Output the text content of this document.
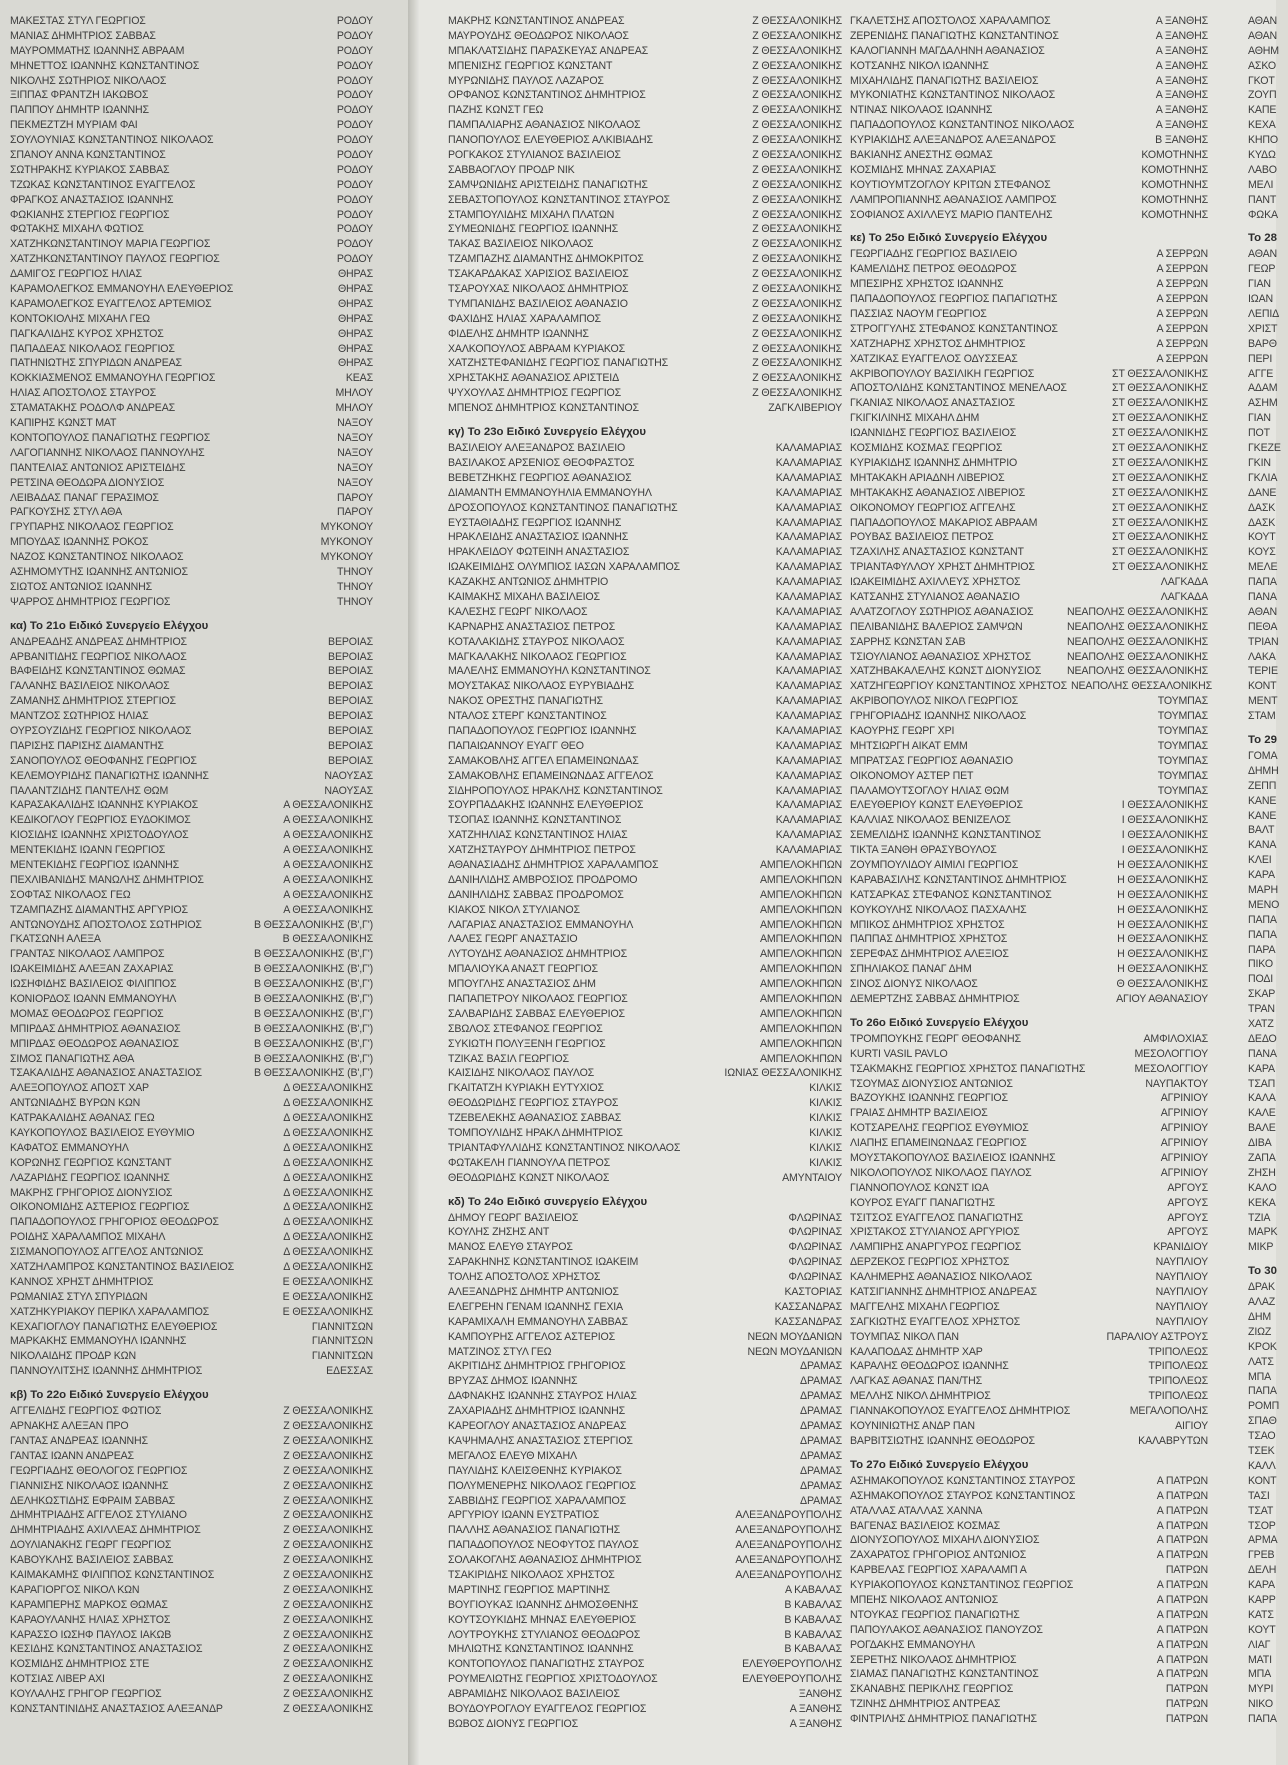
ΜΑΚΕΣΤΑΣ ΣΤΥΛ ΓΕΩΡΓΙΟΣ	ΡΟΔΟΥ
ΜΑΝΙΑΣ ΔΗΜΗΤΡΙΟΣ ΣΑΒΒΑΣ	ΡΟΔΟΥ
ΜΑΥΡΟΜΜΑΤΗΣ ΙΩΑΝΝΗΣ ΑΒΡΑΑΜ	ΡΟΔΟΥ
ΜΗΝΕΤΤΟΣ ΙΩΑΝΝΗΣ ΚΩΝΣΤΑΝΤΙΝΟΣ	ΡΟΔΟΥ
ΝΙΚΟΛΗΣ ΣΩΤΗΡΙΟΣ ΝΙΚΟΛΑΟΣ	ΡΟΔΟΥ
ΞΙΠΠΑΣ ΦΡΑΝΤΖΗ ΙΑΚΩΒΟΣ	ΡΟΔΟΥ
ΠΑΠΠΟΥ ΔΗΜΗΤΡ ΙΩΑΝΝΗΣ	ΡΟΔΟΥ
ΠΕΚΜΕΖΤΖΗ ΜΥΡΙΑΜ ΦΑΙ	ΡΟΔΟΥ
ΣΟΥΛΟΥΝΙΑΣ ΚΩΝΣΤΑΝΤΙΝΟΣ ΝΙΚΟΛΑΟΣ	ΡΟΔΟΥ
ΣΠΑΝΟΥ ΑΝΝΑ ΚΩΝΣΤΑΝΤΙΝΟΣ	ΡΟΔΟΥ
ΣΩΤΗΡΑΚΗΣ ΚΥΡΙΑΚΟΣ ΣΑΒΒΑΣ	ΡΟΔΟΥ
ΤΖΩΚΑΣ ΚΩΝΣΤΑΝΤΙΝΟΣ ΕΥΑΓΓΕΛΟΣ	ΡΟΔΟΥ
ΦΡΑΓΚΟΣ ΑΝΑΣΤΑΣΙΟΣ ΙΩΑΝΝΗΣ	ΡΟΔΟΥ
ΦΩΚΙΑΝΗΣ ΣΤΕΡΓΙΟΣ ΓΕΩΡΓΙΟΣ	ΡΟΔΟΥ
ΦΩΤΑΚΗΣ ΜΙΧΑΗΛ ΦΩΤΙΟΣ	ΡΟΔΟΥ
ΧΑΤΖΗΚΩΝΣΤΑΝΤΙΝΟΥ ΜΑΡΙΑ ΓΕΩΡΓΙΟΣ	ΡΟΔΟΥ
ΧΑΤΖΗΚΩΝΣΤΑΝΤΙΝΟΥ ΠΑΥΛΟΣ ΓΕΩΡΓΙΟΣ	ΡΟΔΟΥ
ΔΑΜΙΓΟΣ ΓΕΩΡΓΙΟΣ ΗΛΙΑΣ	ΘΗΡΑΣ
ΚΑΡΑΜΟΛΕΓΚΟΣ ΕΜΜΑΝΟΥΗΛ ΕΛΕΥΘΕΡΙΟΣ	ΘΗΡΑΣ
ΚΑΡΑΜΟΛΕΓΚΟΣ ΕΥΑΓΓΕΛΟΣ ΑΡΤΕΜΙΟΣ	ΘΗΡΑΣ
ΚΟΝΤΟΚΙΟΛΗΣ ΜΙΧΑΗΛ ΓΕΩ	ΘΗΡΑΣ
ΠΑΓΚΑΛΙΔΗΣ ΚΥΡΟΣ ΧΡΗΣΤΟΣ	ΘΗΡΑΣ
ΠΑΠΑΔΕΑΣ ΝΙΚΟΛΑΟΣ ΓΕΩΡΓΙΟΣ	ΘΗΡΑΣ
ΠΑΤΗΝΙΩΤΗΣ ΣΠΥΡΙΔΩΝ ΑΝΔΡΕΑΣ	ΘΗΡΑΣ
ΚΟΚΚΙΑΣΜΕΝΟΣ ΕΜΜΑΝΟΥΗΛ ΓΕΩΡΓΙΟΣ	ΚΕΑΣ
ΗΛΙΑΣ ΑΠΟΣΤΟΛΟΣ ΣΤΑΥΡΟΣ	ΜΗΛΟΥ
ΣΤΑΜΑΤΑΚΗΣ ΡΟΔΟΛΦ ΑΝΔΡΕΑΣ	ΜΗΛΟΥ
ΚΑΠΙΡΗΣ ΚΩΝΣΤ ΜΑΤ	ΝΑΞΟΥ
ΚΟΝΤΟΠΟΥΛΟΣ ΠΑΝΑΓΙΩΤΗΣ ΓΕΩΡΓΙΟΣ	ΝΑΞΟΥ
ΛΑΓΟΓΙΑΝΝΗΣ ΝΙΚΟΛΑΟΣ ΠΑΝΝΟΥΛΗΣ	ΝΑΞΟΥ
ΠΑΝΤΕΛΙΑΣ ΑΝΤΩΝΙΟΣ ΑΡΙΣΤΕΙΔΗΣ	ΝΑΞΟΥ
ΡΕΤΣΙΝΑ ΘΕΟΔΩΡΑ ΔΙΟΝΥΣΙΟΣ	ΝΑΞΟΥ
ΛΕΙΒΑΔΑΣ ΠΑΝΑΓ ΓΕΡΑΣΙΜΟΣ	ΠΑΡΟΥ
ΡΑΓΚΟΥΣΗΣ ΣΤΥΛ ΑΘΑ	ΠΑΡΟΥ
ΓΡΥΠΑΡΗΣ ΝΙΚΟΛΑΟΣ ΓΕΩΡΓΙΟΣ	ΜΥΚΟΝΟΥ
ΜΠΟΥΔΑΣ ΙΩΑΝΝΗΣ ΡΟΚΟΣ	ΜΥΚΟΝΟΥ
ΝΑΖΟΣ ΚΩΝΣΤΑΝΤΙΝΟΣ ΝΙΚΟΛΑΟΣ	ΜΥΚΟΝΟΥ
ΑΣΗΜΟΜΥΤΗΣ ΙΩΑΝΝΗΣ ΑΝΤΩΝΙΟΣ	ΤΗΝΟΥ
ΣΙΩΤΟΣ ΑΝΤΩΝΙΟΣ ΙΩΑΝΝΗΣ	ΤΗΝΟΥ
ΨΑΡΡΟΣ ΔΗΜΗΤΡΙΟΣ ΓΕΩΡΓΙΟΣ	ΤΗΝΟΥ
κα) Το 21ο Ειδικό Συνεργείο Ελέγχου
ΑΝΔΡΕΑΔΗΣ ΑΝΔΡΕΑΣ ΔΗΜΗΤΡΙΟΣ	ΒΕΡΟΙΑΣ
ΑΡΒΑΝΙΤΙΔΗΣ ΓΕΩΡΓΙΟΣ ΝΙΚΟΛΑΟΣ	ΒΕΡΟΙΑΣ
ΒΑΦΕΙΔΗΣ ΚΩΝΣΤΑΝΤΙΝΟΣ ΘΩΜΑΣ	ΒΕΡΟΙΑΣ
ΓΑΛΑΝΗΣ ΒΑΣΙΛΕΙΟΣ ΝΙΚΟΛΑΟΣ	ΒΕΡΟΙΑΣ
ΖΑΜΑΝΗΣ ΔΗΜΗΤΡΙΟΣ ΣΤΕΡΓΙΟΣ	ΒΕΡΟΙΑΣ
ΜΑΝΤΖΟΣ ΣΩΤΗΡΙΟΣ ΗΛΙΑΣ	ΒΕΡΟΙΑΣ
ΟΥΡΣΟΥΖΙΔΗΣ ΓΕΩΡΓΙΟΣ ΝΙΚΟΛΑΟΣ	ΒΕΡΟΙΑΣ
ΠΑΡΙΣΗΣ ΠΑΡΙΣΗΣ ΔΙΑΜΑΝΤΗΣ	ΒΕΡΟΙΑΣ
ΣΑΝΟΠΟΥΛΟΣ ΘΕΟΦΑΝΗΣ ΓΕΩΡΓΙΟΣ	ΒΕΡΟΙΑΣ
ΚΕΛΕΜΟΥΡΙΔΗΣ ΠΑΝΑΓΙΩΤΗΣ ΙΩΑΝΝΗΣ	ΝΑΟΥΣΑΣ
ΠΑΛΑΝΤΖΙΔΗΣ ΠΑΝΤΕΛΗΣ ΘΩΜ	ΝΑΟΥΣΑΣ
ΚΑΡΑΣΑΚΑΛΙΔΗΣ ΙΩΑΝΝΗΣ ΚΥΡΙΑΚΟΣ	Α ΘΕΣΣΑΛΟΝΙΚΗΣ
ΚΕΔΙΚΟΓΛΟΥ ΓΕΩΡΓΙΟΣ ΕΥΔΟΚΙΜΟΣ	Α ΘΕΣΣΑΛΟΝΙΚΗΣ
ΚΙΟΣΙΔΗΣ ΙΩΑΝΝΗΣ ΧΡΙΣΤΟΔΟΥΛΟΣ	Α ΘΕΣΣΑΛΟΝΙΚΗΣ
ΜΕΝΤΕΚΙΔΗΣ ΙΩΑΝΝ ΓΕΩΡΓΙΟΣ	Α ΘΕΣΣΑΛΟΝΙΚΗΣ
ΜΕΝΤΕΚΙΔΗΣ ΓΕΩΡΓΙΟΣ ΙΩΑΝΝΗΣ	Α ΘΕΣΣΑΛΟΝΙΚΗΣ
ΠΕΧΛΙΒΑΝΙΔΗΣ ΜΑΝΩΛΗΣ ΔΗΜΗΤΡΙΟΣ	Α ΘΕΣΣΑΛΟΝΙΚΗΣ
ΣΟΦΤΑΣ ΝΙΚΟΛΑΟΣ ΓΕΩ	Α ΘΕΣΣΑΛΟΝΙΚΗΣ
ΤΖΑΜΠΑΖΗΣ ΔΙΑΜΑΝΤΗΣ ΑΡΓΥΡΙΟΣ	Α ΘΕΣΣΑΛΟΝΙΚΗΣ
ΑΝΤΩΝΟΥΔΗΣ ΑΠΟΣΤΟΛΟΣ ΣΩΤΗΡΙΟΣ	Β ΘΕΣΣΑΛΟΝΙΚΗΣ (Β',Γ')
ΓΚΑΤΣΩΝΗ ΑΛΕΞΑ	Β ΘΕΣΣΑΛΟΝΙΚΗΣ
ΓΡΑΝΤΑΣ ΝΙΚΟΛΑΟΣ ΛΑΜΠΡΟΣ	Β ΘΕΣΣΑΛΟΝΙΚΗΣ (Β',Γ')
ΙΩΑΚΕΙΜΙΔΗΣ ΑΛΕΞΑΝ ΖΑΧΑΡΙΑΣ	Β ΘΕΣΣΑΛΟΝΙΚΗΣ (Β',Γ')
ΙΩΣΗΦΙΔΗΣ ΒΑΣΙΛΕΙΟΣ ΦΙΛΙΠΠΟΣ	Β ΘΕΣΣΑΛΟΝΙΚΗΣ (Β',Γ')
ΚΟΝΙΟΡΔΟΣ ΙΩΑΝΝ ΕΜΜΑΝΟΥΗΛ	Β ΘΕΣΣΑΛΟΝΙΚΗΣ (Β',Γ')
ΜΟΜΑΣ ΘΕΟΔΩΡΟΣ ΓΕΩΡΓΙΟΣ	Β ΘΕΣΣΑΛΟΝΙΚΗΣ (Β',Γ')
ΜΠΙΡΔΑΣ ΔΗΜΗΤΡΙΟΣ ΑΘΑΝΑΣΙΟΣ	Β ΘΕΣΣΑΛΟΝΙΚΗΣ (Β',Γ')
ΜΠΙΡΔΑΣ ΘΕΟΔΩΡΟΣ ΑΘΑΝΑΣΙΟΣ	Β ΘΕΣΣΑΛΟΝΙΚΗΣ (Β',Γ')
ΣΙΜΟΣ ΠΑΝΑΓΙΩΤΗΣ ΑΘΑ	Β ΘΕΣΣΑΛΟΝΙΚΗΣ (Β',Γ')
ΤΣΑΚΑΛΙΔΗΣ ΑΘΑΝΑΣΙΟΣ ΑΝΑΣΤΑΣΙΟΣ	Β ΘΕΣΣΑΛΟΝΙΚΗΣ (Β',Γ')
ΑΛΕΞΟΠΟΥΛΟΣ ΑΠΟΣΤ ΧΑΡ	Δ ΘΕΣΣΑΛΟΝΙΚΗΣ
ΑΝΤΩΝΙΑΔΗΣ ΒΥΡΩΝ ΚΩΝ	Δ ΘΕΣΣΑΛΟΝΙΚΗΣ
ΚΑΤΡΑΚΑΛΙΔΗΣ ΑΘΑΝΑΣ ΓΕΩ	Δ ΘΕΣΣΑΛΟΝΙΚΗΣ
ΚΑΥΚΟΠΟΥΛΟΣ ΒΑΣΙΛΕΙΟΣ ΕΥΘΥΜΙΟ	Δ ΘΕΣΣΑΛΟΝΙΚΗΣ
ΚΑΦΑΤΟΣ ΕΜΜΑΝΟΥΗΛ	Δ ΘΕΣΣΑΛΟΝΙΚΗΣ
ΚΟΡΩΝΗΣ ΓΕΩΡΓΙΟΣ ΚΩΝΣΤΑΝΤ	Δ ΘΕΣΣΑΛΟΝΙΚΗΣ
ΛΑΖΑΡΙΔΗΣ ΓΕΩΡΓΙΟΣ ΙΩΑΝΝΗΣ	Δ ΘΕΣΣΑΛΟΝΙΚΗΣ
ΜΑΚΡΗΣ ΓΡΗΓΟΡΙΟΣ ΔΙΟΝΥΣΙΟΣ	Δ ΘΕΣΣΑΛΟΝΙΚΗΣ
ΟΙΚΟΝΟΜΙΔΗΣ ΑΣΤΕΡΙΟΣ ΓΕΩΡΓΙΟΣ	Δ ΘΕΣΣΑΛΟΝΙΚΗΣ
ΠΑΠΑΔΟΠΟΥΛΟΣ ΓΡΗΓΟΡΙΟΣ ΘΕΟΔΩΡΟΣ	Δ ΘΕΣΣΑΛΟΝΙΚΗΣ
ΡΟΙΔΗΣ ΧΑΡΑΛΑΜΠΟΣ ΜΙΧΑΗΛ	Δ ΘΕΣΣΑΛΟΝΙΚΗΣ
ΣΙΣΜΑΝΟΠΟΥΛΟΣ ΑΓΓΕΛΟΣ ΑΝΤΩΝΙΟΣ	Δ ΘΕΣΣΑΛΟΝΙΚΗΣ
ΧΑΤΖΗΛΑΜΠΡΟΣ ΚΩΝΣΤΑΝΤΙΝΟΣ ΒΑΣΙΛΕΙΟΣ	Δ ΘΕΣΣΑΛΟΝΙΚΗΣ
ΚΑΝΝΟΣ ΧΡΗΣΤ ΔΗΜΗΤΡΙΟΣ	Ε ΘΕΣΣΑΛΟΝΙΚΗΣ
ΡΩΜΑΝΙΑΣ ΣΤΥΛ ΣΠΥΡΙΔΩΝ	Ε ΘΕΣΣΑΛΟΝΙΚΗΣ
ΧΑΤΖΗΚΥΡΙΑΚΟΥ ΠΕΡΙΚΛ ΧΑΡΑΛΑΜΠΟΣ	Ε ΘΕΣΣΑΛΟΝΙΚΗΣ
ΚΕΧΑΓΙΟΓΛΟΥ ΠΑΝΑΓΙΩΤΗΣ ΕΛΕΥΘΕΡΙΟΣ	ΓΙΑΝΝΙΤΣΩΝ
ΜΑΡΚΑΚΗΣ ΕΜΜΑΝΟΥΗΛ ΙΩΑΝΝΗΣ	ΓΙΑΝΝΙΤΣΩΝ
ΝΙΚΟΛΑΙΔΗΣ ΠΡΟΔΡ ΚΩΝ	ΓΙΑΝΝΙΤΣΩΝ
ΠΑΝΝΟΥΛΙΤΣΗΣ ΙΩΑΝΝΗΣ ΔΗΜΗΤΡΙΟΣ	ΕΔΕΣΣΑΣ
κβ) Το 22ο Ειδικό Συνεργείο Ελέγχου
ΑΓΓΕΛΙΔΗΣ ΓΕΩΡΓΙΟΣ ΦΩΤΙΟΣ	Ζ ΘΕΣΣΑΛΟΝΙΚΗΣ
ΑΡΝΑΚΗΣ ΑΛΕΞΑΝ ΠΡΟ	Ζ ΘΕΣΣΑΛΟΝΙΚΗΣ
ΓΑΝΤΑΣ ΑΝΔΡΕΑΣ ΙΩΑΝΝΗΣ	Ζ ΘΕΣΣΑΛΟΝΙΚΗΣ
ΓΑΝΤΑΣ ΙΩΑΝΝ ΑΝΔΡΕΑΣ	Ζ ΘΕΣΣΑΛΟΝΙΚΗΣ
ΓΕΩΡΓΙΑΔΗΣ ΘΕΟΛΟΓΟΣ ΓΕΩΡΓΙΟΣ	Ζ ΘΕΣΣΑΛΟΝΙΚΗΣ
ΓΙΑΝΝΙΣΗΣ ΝΙΚΟΛΑΟΣ ΙΩΑΝΝΗΣ	Ζ ΘΕΣΣΑΛΟΝΙΚΗΣ
ΔΕΛΗΚΩΣΤΙΔΗΣ ΕΦΡΑΙΜ ΣΑΒΒΑΣ	Ζ ΘΕΣΣΑΛΟΝΙΚΗΣ
ΔΗΜΗΤΡΙΑΔΗΣ ΑΓΓΕΛΟΣ ΣΤΥΛΙΑΝΟ	Ζ ΘΕΣΣΑΛΟΝΙΚΗΣ
ΔΗΜΗΤΡΙΑΔΗΣ ΑΧΙΛΛΕΑΣ ΔΗΜΗΤΡΙΟΣ	Ζ ΘΕΣΣΑΛΟΝΙΚΗΣ
ΔΟΥΛΙΑΝΑΚΗΣ ΓΕΩΡΓ ΓΕΩΡΓΙΟΣ	Ζ ΘΕΣΣΑΛΟΝΙΚΗΣ
ΚΑΒΟΥΚΛΗΣ ΒΑΣΙΛΕΙΟΣ ΣΑΒΒΑΣ	Ζ ΘΕΣΣΑΛΟΝΙΚΗΣ
ΚΑΙΜΑΚΑΜΗΣ ΦΙΛΙΠΠΟΣ ΚΩΝΣΤΑΝΤΙΝΟΣ	Ζ ΘΕΣΣΑΛΟΝΙΚΗΣ
ΚΑΡΑΓΙΟΡΓΟΣ ΝΙΚΟΛ ΚΩΝ	Ζ ΘΕΣΣΑΛΟΝΙΚΗΣ
ΚΑΡΑΜΠΕΡΗΣ ΜΑΡΚΟΣ ΘΩΜΑΣ	Ζ ΘΕΣΣΑΛΟΝΙΚΗΣ
ΚΑΡΑΟΥΛΑΝΗΣ ΗΛΙΑΣ ΧΡΗΣΤΟΣ	Ζ ΘΕΣΣΑΛΟΝΙΚΗΣ
ΚΑΡΑΣΣΟ ΙΩΣΗΦ ΠΑΥΛΟΣ ΙΑΚΩΒ	Ζ ΘΕΣΣΑΛΟΝΙΚΗΣ
ΚΕΣΙΔΗΣ ΚΩΝΣΤΑΝΤΙΝΟΣ ΑΝΑΣΤΑΣΙΟΣ	Ζ ΘΕΣΣΑΛΟΝΙΚΗΣ
ΚΟΣΜΙΔΗΣ ΔΗΜΗΤΡΙΟΣ ΣΤΕ	Ζ ΘΕΣΣΑΛΟΝΙΚΗΣ
ΚΟΤΣΙΑΣ ΛΙΒΕΡ ΑΧΙ	Ζ ΘΕΣΣΑΛΟΝΙΚΗΣ
ΚΟΥΛΑΛΗΣ ΓΡΗΓΟΡ ΓΕΩΡΓΙΟΣ	Ζ ΘΕΣΣΑΛΟΝΙΚΗΣ
ΚΩΝΣΤΑΝΤΙΝΙΔΗΣ ΑΝΑΣΤΑΣΙΟΣ ΑΛΕΞΑΝΔΡ	Ζ ΘΕΣΣΑΛΟΝΙΚΗΣ
ΜΑΚΡΗΣ ΚΩΝΣΤΑΝΤΙΝΟΣ ΑΝΔΡΕΑΣ	Ζ ΘΕΣΣΑΛΟΝΙΚΗΣ
ΜΑΥΡΟΥΔΗΣ ΘΕΟΔΩΡΟΣ ΝΙΚΟΛΑΟΣ	Ζ ΘΕΣΣΑΛΟΝΙΚΗΣ
ΜΠΑΚΛΑΤΣΙΔΗΣ ΠΑΡΑΣΚΕΥΑΣ ΑΝΔΡΕΑΣ	Ζ ΘΕΣΣΑΛΟΝΙΚΗΣ
ΜΠΕΝΙΣΗΣ ΓΕΩΡΓΙΟΣ ΚΩΝΣΤΑΝΤ	Ζ ΘΕΣΣΑΛΟΝΙΚΗΣ
ΜΥΡΩΝΙΔΗΣ ΠΑΥΛΟΣ ΛΑΖΑΡΟΣ	Ζ ΘΕΣΣΑΛΟΝΙΚΗΣ
ΟΡΦΑΝΟΣ ΚΩΝΣΤΑΝΤΙΝΟΣ ΔΗΜΗΤΡΙΟΣ	Ζ ΘΕΣΣΑΛΟΝΙΚΗΣ
ΠΑΖΗΣ ΚΩΝΣΤ ΓΕΩ	Ζ ΘΕΣΣΑΛΟΝΙΚΗΣ
ΠΑΜΠΑΛΙΑΡΗΣ ΑΘΑΝΑΣΙΟΣ ΝΙΚΟΛΑΟΣ	Ζ ΘΕΣΣΑΛΟΝΙΚΗΣ
ΠΑΝΟΠΟΥΛΟΣ ΕΛΕΥΘΕΡΙΟΣ ΑΛΚΙΒΙΑΔΗΣ	Ζ ΘΕΣΣΑΛΟΝΙΚΗΣ
ΡΟΓΚΑΚΟΣ ΣΤΥΛΙΑΝΟΣ ΒΑΣΙΛΕΙΟΣ	Ζ ΘΕΣΣΑΛΟΝΙΚΗΣ
ΣΑΒΒΑΟΓΛΟΥ ΠΡΟΔΡ ΝΙΚ	Ζ ΘΕΣΣΑΛΟΝΙΚΗΣ
ΣΑΜΨΩΝΙΔΗΣ ΑΡΙΣΤΕΙΔΗΣ ΠΑΝΑΓΙΩΤΗΣ	Ζ ΘΕΣΣΑΛΟΝΙΚΗΣ
ΣΕΒΑΣΤΟΠΟΥΛΟΣ ΚΩΝΣΤΑΝΤΙΝΟΣ ΣΤΑΥΡΟΣ	Ζ ΘΕΣΣΑΛΟΝΙΚΗΣ
ΣΤΑΜΠΟΥΛΙΔΗΣ ΜΙΧΑΗΛ ΠΛΑΤΩΝ	Ζ ΘΕΣΣΑΛΟΝΙΚΗΣ
ΣΥΜΕΩΝΙΔΗΣ ΓΕΩΡΓΙΟΣ ΙΩΑΝΝΗΣ	Ζ ΘΕΣΣΑΛΟΝΙΚΗΣ
ΤΑΚΑΣ ΒΑΣΙΛΕΙΟΣ ΝΙΚΟΛΑΟΣ	Ζ ΘΕΣΣΑΛΟΝΙΚΗΣ
ΤΖΑΜΠΑΖΗΣ ΔΙΑΜΑΝΤΗΣ ΔΗΜΟΚΡΙΤΟΣ	Ζ ΘΕΣΣΑΛΟΝΙΚΗΣ
ΤΣΑΚΑΡΔΑΚΑΣ ΧΑΡΙΣΙΟΣ ΒΑΣΙΛΕΙΟΣ	Ζ ΘΕΣΣΑΛΟΝΙΚΗΣ
ΤΣΑΡΟΥΧΑΣ ΝΙΚΟΛΑΟΣ ΔΗΜΗΤΡΙΟΣ	Ζ ΘΕΣΣΑΛΟΝΙΚΗΣ
ΤΥΜΠΑΝΙΔΗΣ ΒΑΣΙΛΕΙΟΣ ΑΘΑΝΑΣΙΟ	Ζ ΘΕΣΣΑΛΟΝΙΚΗΣ
ΦΑΧΙΔΗΣ ΗΛΙΑΣ ΧΑΡΑΛΑΜΠΟΣ	Ζ ΘΕΣΣΑΛΟΝΙΚΗΣ
ΦΙΔΕΛΗΣ ΔΗΜΗΤΡ ΙΩΑΝΝΗΣ	Ζ ΘΕΣΣΑΛΟΝΙΚΗΣ
ΧΑΛΚΟΠΟΥΛΟΣ ΑΒΡΑΑΜ ΚΥΡΙΑΚΟΣ	Ζ ΘΕΣΣΑΛΟΝΙΚΗΣ
ΧΑΤΖΗΣΤΕΦΑΝΙΔΗΣ ΓΕΩΡΓΙΟΣ ΠΑΝΑΓΙΩΤΗΣ	Ζ ΘΕΣΣΑΛΟΝΙΚΗΣ
ΧΡΗΣΤΑΚΗΣ ΑΘΑΝΑΣΙΟΣ ΑΡΙΣΤΕΙΔ	Ζ ΘΕΣΣΑΛΟΝΙΚΗΣ
ΨΥΧΟΥΛΑΣ ΔΗΜΗΤΡΙΟΣ ΓΕΩΡΓΙΟΣ	Ζ ΘΕΣΣΑΛΟΝΙΚΗΣ
ΜΠΕΝΟΣ ΔΗΜΗΤΡΙΟΣ ΚΩΝΣΤΑΝΤΙΝΟΣ	ΖΑΓΚΛΙΒΕΡΙΟΥ
κγ) Το 23ο Ειδικό Συνεργείο Ελέγχου
ΒΑΣΙΛΕΙΟΥ ΑΛΕΞΑΝΔΡΟΣ ΒΑΣΙΛΕΙΟ	ΚΑΛΑΜΑΡΙΑΣ
ΒΑΣΙΛΑΚΟΣ ΑΡΣΕΝΙΟΣ ΘΕΟΦΡΑΣΤΟΣ	ΚΑΛΑΜΑΡΙΑΣ
ΒΕΒΕΤΖΗΚΗΣ ΓΕΩΡΓΙΟΣ ΑΘΑΝΑΣΙΟΣ	ΚΑΛΑΜΑΡΙΑΣ
ΔΙΑΜΑΝΤΗ ΕΜΜΑΝΟΥΗΛΙΑ ΕΜΜΑΝΟΥΗΛ	ΚΑΛΑΜΑΡΙΑΣ
ΔΡΟΣΟΠΟΥΛΟΣ ΚΩΝΣΤΑΝΤΙΝΟΣ ΠΑΝΑΓΙΩΤΗΣ	ΚΑΛΑΜΑΡΙΑΣ
ΕΥΣΤΑΘΙΑΔΗΣ ΓΕΩΡΓΙΟΣ ΙΩΑΝΝΗΣ	ΚΑΛΑΜΑΡΙΑΣ
ΗΡΑΚΛΕΙΔΗΣ ΑΝΑΣΤΑΣΙΟΣ ΙΩΑΝΝΗΣ	ΚΑΛΑΜΑΡΙΑΣ
ΗΡΑΚΛΕΙΔΟΥ ΦΩΤΕΙΝΗ ΑΝΑΣΤΑΣΙΟΣ	ΚΑΛΑΜΑΡΙΑΣ
ΙΩΑΚΕΙΜΙΔΗΣ ΟΛΥΜΠΙΟΣ ΙΑΣΩΝ ΧΑΡΑΛΑΜΠΟΣ	ΚΑΛΑΜΑΡΙΑΣ
ΚΑΖΑΚΗΣ ΑΝΤΩΝΙΟΣ ΔΗΜΗΤΡΙΟ	ΚΑΛΑΜΑΡΙΑΣ
ΚΑΙΜΑΚΗΣ ΜΙΧΑΗΛ ΒΑΣΙΛΕΙΟΣ	ΚΑΛΑΜΑΡΙΑΣ
ΚΑΛΕΣΗΣ ΓΕΩΡΓ ΝΙΚΟΛΑΟΣ	ΚΑΛΑΜΑΡΙΑΣ
ΚΑΡΝΑΡΗΣ ΑΝΑΣΤΑΣΙΟΣ ΠΕΤΡΟΣ	ΚΑΛΑΜΑΡΙΑΣ
ΚΟΤΑΛΑΚΙΔΗΣ ΣΤΑΥΡΟΣ ΝΙΚΟΛΑΟΣ	ΚΑΛΑΜΑΡΙΑΣ
ΜΑΓΚΑΛΑΚΗΣ ΝΙΚΟΛΑΟΣ ΓΕΩΡΓΙΟΣ	ΚΑΛΑΜΑΡΙΑΣ
ΜΑΛΕΛΗΣ ΕΜΜΑΝΟΥΗΛ ΚΩΝΣΤΑΝΤΙΝΟΣ	ΚΑΛΑΜΑΡΙΑΣ
ΜΟΥΣΤΑΚΑΣ ΝΙΚΟΛΑΟΣ ΕΥΡΥΒΙΑΔΗΣ	ΚΑΛΑΜΑΡΙΑΣ
ΝΑΚΟΣ ΟΡΕΣΤΗΣ ΠΑΝΑΓΙΩΤΗΣ	ΚΑΛΑΜΑΡΙΑΣ
ΝΤΑΛΟΣ ΣΤΕΡΓ ΚΩΝΣΤΑΝΤΙΝΟΣ	ΚΑΛΑΜΑΡΙΑΣ
ΠΑΠΑΔΟΠΟΥΛΟΣ ΓΕΩΡΓΙΟΣ ΙΩΑΝΝΗΣ	ΚΑΛΑΜΑΡΙΑΣ
ΠΑΠΑΙΩΑΝΝΟΥ ΕΥΑΓΓ ΘΕΟ	ΚΑΛΑΜΑΡΙΑΣ
ΣΑΜΑΚΟΒΛΗΣ ΑΓΓΕΛ ΕΠΑΜΕΙΝΩΝΔΑΣ	ΚΑΛΑΜΑΡΙΑΣ
ΣΑΜΑΚΟΒΛΗΣ ΕΠΑΜΕΙΝΩΝΔΑΣ ΑΓΓΕΛΟΣ	ΚΑΛΑΜΑΡΙΑΣ
ΣΙΔΗΡΟΠΟΥΛΟΣ ΗΡΑΚΛΗΣ ΚΩΝΣΤΑΝΤΙΝΟΣ	ΚΑΛΑΜΑΡΙΑΣ
ΣΟΥΡΠΑΔΑΚΗΣ ΙΩΑΝΝΗΣ ΕΛΕΥΘΕΡΙΟΣ	ΚΑΛΑΜΑΡΙΑΣ
ΤΣΟΠΑΣ ΙΩΑΝΝΗΣ ΚΩΝΣΤΑΝΤΙΝΟΣ	ΚΑΛΑΜΑΡΙΑΣ
ΧΑΤΖΗΗΛΙΑΣ ΚΩΝΣΤΑΝΤΙΝΟΣ ΗΛΙΑΣ	ΚΑΛΑΜΑΡΙΑΣ
ΧΑΤΖΗΣΤΑΥΡΟΥ ΔΗΜΗΤΡΙΟΣ ΠΕΤΡΟΣ	ΚΑΛΑΜΑΡΙΑΣ
ΑΘΑΝΑΣΙΑΔΗΣ ΔΗΜΗΤΡΙΟΣ ΧΑΡΑΛΑΜΠΟΣ	ΑΜΠΕΛΟΚΗΠΩΝ
ΔΑΝΙΗΛΙΔΗΣ ΑΜΒΡΟΣΙΟΣ ΠΡΟΔΡΟΜΟ	ΑΜΠΕΛΟΚΗΠΩΝ
ΔΑΝΙΗΛΙΔΗΣ ΣΑΒΒΑΣ ΠΡΟΔΡΟΜΟΣ	ΑΜΠΕΛΟΚΗΠΩΝ
ΚΙΑΚΟΣ ΝΙΚΟΛ ΣΤΥΛΙΑΝΟΣ	ΑΜΠΕΛΟΚΗΠΩΝ
ΛΑΓΑΡΙΑΣ ΑΝΑΣΤΑΣΙΟΣ ΕΜΜΑΝΟΥΗΛ	ΑΜΠΕΛΟΚΗΠΩΝ
ΛΑΛΕΣ ΓΕΩΡΓ ΑΝΑΣΤΑΣΙΟ	ΑΜΠΕΛΟΚΗΠΩΝ
ΛΥΤΟΥΔΗΣ ΑΘΑΝΑΣΙΟΣ ΔΗΜΗΤΡΙΟΣ	ΑΜΠΕΛΟΚΗΠΩΝ
ΜΠΑΛΙΟΥΚΑ ΑΝΑΣΤ ΓΕΩΡΓΙΟΣ	ΑΜΠΕΛΟΚΗΠΩΝ
ΜΠΟΥΓΛΗΣ ΑΝΑΣΤΑΣΙΟΣ ΔΗΜ	ΑΜΠΕΛΟΚΗΠΩΝ
ΠΑΠΑΠΕΤΡΟΥ ΝΙΚΟΛΑΟΣ ΓΕΩΡΓΙΟΣ	ΑΜΠΕΛΟΚΗΠΩΝ
ΣΑΛΒΑΡΙΔΗΣ ΣΑΒΒΑΣ ΕΛΕΥΘΕΡΙΟΣ	ΑΜΠΕΛΟΚΗΠΩΝ
ΣΒΩΛΟΣ ΣΤΕΦΑΝΟΣ ΓΕΩΡΓΙΟΣ	ΑΜΠΕΛΟΚΗΠΩΝ
ΣΥΚΙΩΤΗ ΠΟΛΥΞΕΝΗ ΓΕΩΡΓΙΟΣ	ΑΜΠΕΛΟΚΗΠΩΝ
ΤΖΙΚΑΣ ΒΑΣΙΛ ΓΕΩΡΓΙΟΣ	ΑΜΠΕΛΟΚΗΠΩΝ
ΚΑΙΣΙΔΗΣ ΝΙΚΟΛΑΟΣ ΠΑΥΛΟΣ	ΙΩΝΙΑΣ ΘΕΣΣΑΛΟΝΙΚΗΣ
ΓΚΑΙΤΑΤΖΗ ΚΥΡΙΑΚΗ ΕΥΤΥΧΙΟΣ	ΚΙΛΚΙΣ
ΘΕΟΔΩΡΙΔΗΣ ΓΕΩΡΓΙΟΣ ΣΤΑΥΡΟΣ	ΚΙΛΚΙΣ
ΤΖΕΒΕΛΕΚΗΣ ΑΘΑΝΑΣΙΟΣ ΣΑΒΒΑΣ	ΚΙΛΚΙΣ
ΤΟΜΠΟΥΛΙΔΗΣ ΗΡΑΚΛ ΔΗΜΗΤΡΙΟΣ	ΚΙΛΚΙΣ
ΤΡΙΑΝΤΑΦΥΛΛΙΔΗΣ ΚΩΝΣΤΑΝΤΙΝΟΣ ΝΙΚΟΛΑΟΣ	ΚΙΛΚΙΣ
ΦΩΤΑΚΕΛΗ ΓΙΑΝΝΟΥΛΑ ΠΕΤΡΟΣ	ΚΙΛΚΙΣ
ΘΕΟΔΩΡΙΔΗΣ ΚΩΝΣΤ ΝΙΚΟΛΑΟΣ	ΑΜΥΝΤΑΙΟΥ
κδ) Το 24ο Ειδικό συνεργείο Ελέγχου
ΔΗΜΟΥ ΓΕΩΡΓ ΒΑΣΙΛΕΙΟΣ	ΦΛΩΡΙΝΑΣ
ΚΟΥΛΗΣ ΖΗΣΗΣ ΑΝΤ	ΦΛΩΡΙΝΑΣ
ΜΑΝΟΣ ΕΛΕΥΘ ΣΤΑΥΡΟΣ	ΦΛΩΡΙΝΑΣ
ΣΑΡΑΚΗΝΗΣ ΚΩΝΣΤΑΝΤΙΝΟΣ ΙΩΑΚΕΙΜ	ΦΛΩΡΙΝΑΣ
ΤΟΛΗΣ ΑΠΟΣΤΟΛΟΣ ΧΡΗΣΤΟΣ	ΦΛΩΡΙΝΑΣ
ΑΛΕΞΑΝΔΡΗΣ ΔΗΜΗΤΡ ΑΝΤΩΝΙΟΣ	ΚΑΣΤΟΡΙΑΣ
ΕΛΕΓΡΕΗΝ ΓΕΝΑΜ ΙΩΑΝΝΗΣ ΓΕΧΙΑ	ΚΑΣΣΑΝΔΡΑΣ
ΚΑΡΑΜΙΧΑΛΗ ΕΜΜΑΝΟΥΗΛ ΣΑΒΒΑΣ	ΚΑΣΣΑΝΔΡΑΣ
ΚΑΜΠΟΥΡΗΣ ΑΓΓΕΛΟΣ ΑΣΤΕΡΙΟΣ	ΝΕΩΝ ΜΟΥΔΑΝΙΩΝ
ΜΑΤΖΙΝΟΣ ΣΤΥΛ ΓΕΩ	ΝΕΩΝ ΜΟΥΔΑΝΙΩΝ
ΑΚΡΙΤΙΔΗΣ ΔΗΜΗΤΡΙΟΣ ΓΡΗΓΟΡΙΟΣ	ΔΡΑΜΑΣ
ΒΡΥΖΑΣ ΔΗΜΟΣ ΙΩΑΝΝΗΣ	ΔΡΑΜΑΣ
ΔΑΦΝΑΚΗΣ ΙΩΑΝΝΗΣ ΣΤΑΥΡΟΣ ΗΛΙΑΣ	ΔΡΑΜΑΣ
ΖΑΧΑΡΙΑΔΗΣ ΔΗΜΗΤΡΙΟΣ ΙΩΑΝΝΗΣ	ΔΡΑΜΑΣ
ΚΑΡΕΟΓΛΟΥ ΑΝΑΣΤΑΣΙΟΣ ΑΝΔΡΕΑΣ	ΔΡΑΜΑΣ
ΚΑΨΗΜΑΛΗΣ ΑΝΑΣΤΑΣΙΟΣ ΣΤΕΡΓΙΟΣ	ΔΡΑΜΑΣ
ΜΕΓΑΛΟΣ ΕΛΕΥΘ ΜΙΧΑΗΛ	ΔΡΑΜΑΣ
ΠΑΥΛΙΔΗΣ ΚΛΕΙΣΘΕΝΗΣ ΚΥΡΙΑΚΟΣ	ΔΡΑΜΑΣ
ΠΟΛΥΜΕΝΕΡΗΣ ΝΙΚΟΛΑΟΣ ΓΕΩΡΓΙΟΣ	ΔΡΑΜΑΣ
ΣΑΒΒΙΔΗΣ ΓΕΩΡΓΙΟΣ ΧΑΡΑΛΑΜΠΟΣ	ΔΡΑΜΑΣ
ΑΡΓΥΡΙΟΥ ΙΩΑΝΝ ΕΥΣΤΡΑΤΙΟΣ	ΑΛΕΞΑΝΔΡΟΥΠΟΛΗΣ
ΠΑΛΛΗΣ ΑΘΑΝΑΣΙΟΣ ΠΑΝΑΓΙΩΤΗΣ	ΑΛΕΞΑΝΔΡΟΥΠΟΛΗΣ
ΠΑΠΑΔΟΠΟΥΛΟΣ ΝΕΟΦΥΤΟΣ ΠΑΥΛΟΣ	ΑΛΕΞΑΝΔΡΟΥΠΟΛΗΣ
ΣΟΛΑΚΟΓΛΗΣ ΑΘΑΝΑΣΙΟΣ ΔΗΜΗΤΡΙΟΣ	ΑΛΕΞΑΝΔΡΟΥΠΟΛΗΣ
ΤΣΑΚΙΡΙΔΗΣ ΝΙΚΟΛΑΟΣ ΧΡΗΣΤΟΣ	ΑΛΕΞΑΝΔΡΟΥΠΟΛΗΣ
ΜΑΡΤΙΝΗΣ ΓΕΩΡΓΙΟΣ ΜΑΡΤΙΝΗΣ	Α ΚΑΒΑΛΑΣ
ΒΟΥΓΙΟΥΚΑΣ ΙΩΑΝΝΗΣ ΔΗΜΟΣΘΕΝΗΣ	Β ΚΑΒΑΛΑΣ
ΚΟΥΤΣΟΥΚΙΔΗΣ ΜΗΝΑΣ ΕΛΕΥΘΕΡΙΟΣ	Β ΚΑΒΑΛΑΣ
ΛΟΥΤΡΟΥΚΗΣ ΣΤΥΛΙΑΝΟΣ ΘΕΟΔΩΡΟΣ	Β ΚΑΒΑΛΑΣ
ΜΗΛΙΩΤΗΣ ΚΩΝΣΤΑΝΤΙΝΟΣ ΙΩΑΝΝΗΣ	Β ΚΑΒΑΛΑΣ
ΚΟΝΤΟΠΟΥΛΟΣ ΠΑΝΑΓΙΩΤΗΣ ΣΤΑΥΡΟΣ	ΕΛΕΥΘΕΡΟΥΠΟΛΗΣ
ΡΟΥΜΕΛΙΩΤΗΣ ΓΕΩΡΓΙΟΣ ΧΡΙΣΤΟΔΟΥΛΟΣ	ΕΛΕΥΘΕΡΟΥΠΟΛΗΣ
ΑΒΡΑΜΙΔΗΣ ΝΙΚΟΛΑΟΣ ΒΑΣΙΛΕΙΟΣ	ΞΑΝΘΗΣ
ΒΟΥΔΟΥΡΟΓΛΟΥ ΕΥΑΓΓΕΛΟΣ ΓΕΩΡΓΙΟΣ	Α ΞΑΝΘΗΣ
ΒΩΒΟΣ ΔΙΟΝΥΣ ΓΕΩΡΓΙΟΣ	Α ΞΑΝΘΗΣ
ΓΚΑΛΕΤΣΗΣ ΑΠΟΣΤΟΛΟΣ ΧΑΡΑΛΑΜΠΟΣ	Α ΞΑΝΘΗΣ
ΖΕΡΕΝΙΔΗΣ ΠΑΝΑΓΙΩΤΗΣ ΚΩΝΣΤΑΝΤΙΝΟΣ	Α ΞΑΝΘΗΣ
ΚΑΛΟΓΙΑΝΝΗ ΜΑΓΔΑΛΗΝΗ ΑΘΑΝΑΣΙΟΣ	Α ΞΑΝΘΗΣ
ΚΟΤΣΑΝΗΣ ΝΙΚΟΛ ΙΩΑΝΝΗΣ	Α ΞΑΝΘΗΣ
ΜΙΧΑΗΛΙΔΗΣ ΠΑΝΑΓΙΩΤΗΣ ΒΑΣΙΛΕΙΟΣ	Α ΞΑΝΘΗΣ
ΜΥΚΟΝΙΑΤΗΣ ΚΩΝΣΤΑΝΤΙΝΟΣ ΝΙΚΟΛΑΟΣ	Α ΞΑΝΘΗΣ
ΝΤΙΝΑΣ ΝΙΚΟΛΑΟΣ ΙΩΑΝΝΗΣ	Α ΞΑΝΘΗΣ
ΠΑΠΑΔΟΠΟΥΛΟΣ ΚΩΝΣΤΑΝΤΙΝΟΣ ΝΙΚΟΛΑΟΣ	Α ΞΑΝΘΗΣ
ΚΥΡΙΑΚΙΔΗΣ ΑΛΕΞΑΝΔΡΟΣ ΑΛΕΞΑΝΔΡΟΣ	Β ΞΑΝΘΗΣ
ΒΑΚΙΑΝΗΣ ΑΝΕΣΤΗΣ ΘΩΜΑΣ	ΚΟΜΟΤΗΝΗΣ
ΚΟΣΜΙΔΗΣ ΜΗΝΑΣ ΖΑΧΑΡΙΑΣ	ΚΟΜΟΤΗΝΗΣ
ΚΟΥΤΙΟΥΜΤΖΟΓΛΟΥ ΚΡΙΤΩΝ ΣΤΕΦΑΝΟΣ	ΚΟΜΟΤΗΝΗΣ
ΛΑΜΠΡΟΠΙΑΝΝΗΣ ΑΘΑΝΑΣΙΟΣ ΛΑΜΠΡΟΣ	ΚΟΜΟΤΗΝΗΣ
ΣΟΦΙΑΝΟΣ ΑΧΙΛΛΕΥΣ ΜΑΡΙΟ ΠΑΝΤΕΛΗΣ	ΚΟΜΟΤΗΝΗΣ
κε) Το 25ο Ειδικό Συνεργείο Ελέγχου
ΓΕΩΡΓΙΑΔΗΣ ΓΕΩΡΓΙΟΣ ΒΑΣΙΛΕΙΟ	Α ΣΕΡΡΩΝ
ΚΑΜΕΛΙΔΗΣ ΠΕΤΡΟΣ ΘΕΟΔΩΡΟΣ	Α ΣΕΡΡΩΝ
ΜΠΕΣΙΡΗΣ ΧΡΗΣΤΟΣ ΙΩΑΝΝΗΣ	Α ΣΕΡΡΩΝ
ΠΑΠΑΔΟΠΟΥΛΟΣ ΓΕΩΡΓΙΟΣ ΠΑΠΑΓΙΩΤΗΣ	Α ΣΕΡΡΩΝ
ΠΑΣΣΙΑΣ ΝΑΟΥΜ ΓΕΩΡΓΙΟΣ	Α ΣΕΡΡΩΝ
ΣΤΡΟΓΓΥΛΗΣ ΣΤΕΦΑΝΟΣ ΚΩΝΣΤΑΝΤΙΝΟΣ	Α ΣΕΡΡΩΝ
ΧΑΤΖΗΑΡΗΣ ΧΡΗΣΤΟΣ ΔΗΜΗΤΡΙΟΣ	Α ΣΕΡΡΩΝ
ΧΑΤΖΙΚΑΣ ΕΥΑΓΓΕΛΟΣ ΟΔΥΣΣΕΑΣ	Α ΣΕΡΡΩΝ
ΑΚΡΙΒΟΠΟΥΛΟΥ ΒΑΣΙΛΙΚΗ ΓΕΩΡΓΙΟΣ	ΣΤ ΘΕΣΣΑΛΟΝΙΚΗΣ
ΑΠΟΣΤΟΛΙΔΗΣ ΚΩΝΣΤΑΝΤΙΝΟΣ ΜΕΝΕΛΑΟΣ	ΣΤ ΘΕΣΣΑΛΟΝΙΚΗΣ
ΓΚΑΝΙΑΣ ΝΙΚΟΛΑΟΣ ΑΝΑΣΤΑΣΙΟΣ	ΣΤ ΘΕΣΣΑΛΟΝΙΚΗΣ
ΓΚΙΓΚΙΛΙΝΗΣ ΜΙΧΑΗΛ ΔΗΜ	ΣΤ ΘΕΣΣΑΛΟΝΙΚΗΣ
ΙΩΑΝΝΙΔΗΣ ΓΕΩΡΓΙΟΣ ΒΑΣΙΛΕΙΟΣ	ΣΤ ΘΕΣΣΑΛΟΝΙΚΗΣ
ΚΟΣΜΙΔΗΣ ΚΟΣΜΑΣ ΓΕΩΡΓΙΟΣ	ΣΤ ΘΕΣΣΑΛΟΝΙΚΗΣ
ΚΥΡΙΑΚΙΔΗΣ ΙΩΑΝΝΗΣ ΔΗΜΗΤΡΙΟ	ΣΤ ΘΕΣΣΑΛΟΝΙΚΗΣ
ΜΗΤΑΚΑΚΗ ΑΡΙΑΔΝΗ ΛΙΒΕΡΙΟΣ	ΣΤ ΘΕΣΣΑΛΟΝΙΚΗΣ
ΜΗΤΑΚΑΚΗΣ ΑΘΑΝΑΣΙΟΣ ΛΙΒΕΡΙΟΣ	ΣΤ ΘΕΣΣΑΛΟΝΙΚΗΣ
ΟΙΚΟΝΟΜΟΥ ΓΕΩΡΓΙΟΣ ΑΓΓΕΛΗΣ	ΣΤ ΘΕΣΣΑΛΟΝΙΚΗΣ
ΠΑΠΑΔΟΠΟΥΛΟΣ ΜΑΚΑΡΙΟΣ ΑΒΡΑΑΜ	ΣΤ ΘΕΣΣΑΛΟΝΙΚΗΣ
ΡΟΥΒΑΣ ΒΑΣΙΛΕΙΟΣ ΠΕΤΡΟΣ	ΣΤ ΘΕΣΣΑΛΟΝΙΚΗΣ
ΤΖΑΧΙΛΗΣ ΑΝΑΣΤΑΣΙΟΣ ΚΩΝΣΤΑΝΤ	ΣΤ ΘΕΣΣΑΛΟΝΙΚΗΣ
ΤΡΙΑΝΤΑΦΥΛΛΟΥ ΧΡΗΣΤ ΔΗΜΗΤΡΙΟΣ	ΣΤ ΘΕΣΣΑΛΟΝΙΚΗΣ
ΙΩΑΚΕΙΜΙΔΗΣ ΑΧΙΛΛΕΥΣ ΧΡΗΣΤΟΣ	ΛΑΓΚΑΔΑ
ΚΑΤΣΑΝΗΣ ΣΤΥΛΙΑΝΟΣ ΑΘΑΝΑΣΙΟ	ΛΑΓΚΑΔΑ
ΑΛΑΤΖΟΓΛΟΥ ΣΩΤΗΡΙΟΣ ΑΘΑΝΑΣΙΟΣ	ΝΕΑΠΟΛΗΣ ΘΕΣΣΑΛΟΝΙΚΗΣ
ΠΕΛΙΒΑΝΙΔΗΣ ΒΑΛΕΡΙΟΣ ΣΑΜΨΩΝ	ΝΕΑΠΟΛΗΣ ΘΕΣΣΑΛΟΝΙΚΗΣ
ΣΑΡΡΗΣ ΚΩΝΣΤΑΝ ΣΑΒ	ΝΕΑΠΟΛΗΣ ΘΕΣΣΑΛΟΝΙΚΗΣ
ΤΣΙΟΥΛΙΑΝΟΣ ΑΘΑΝΑΣΙΟΣ ΧΡΗΣΤΟΣ	ΝΕΑΠΟΛΗΣ ΘΕΣΣΑΛΟΝΙΚΗΣ
ΧΑΤΖΗΒΑΚΑΛΕΛΗΣ ΚΩΝΣΤ ΔΙΟΝΥΣΙΟΣ	ΝΕΑΠΟΛΗΣ ΘΕΣΣΑΛΟΝΙΚΗΣ
ΧΑΤΖΗΓΕΩΡΓΙΟΥ ΚΩΝΣΤΑΝΤΙΝΟΣ ΧΡΗΣΤΟΣ ΝΕΑΠΟΛΗΣ ΘΕΣΣΑΛΟΝΙΚΗΣ
ΑΚΡΙΒΟΠΟΥΛΟΣ ΝΙΚΟΛ ΓΕΩΡΓΙΟΣ	ΤΟΥΜΠΑΣ
ΓΡΗΓΟΡΙΑΔΗΣ ΙΩΑΝΝΗΣ ΝΙΚΟΛΑΟΣ	ΤΟΥΜΠΑΣ
ΚΑΟΥΡΗΣ ΓΕΩΡΓ ΧΡΙ	ΤΟΥΜΠΑΣ
ΜΗΤΣΙΩΡΓΗ ΑΙΚΑΤ ΕΜΜ	ΤΟΥΜΠΑΣ
ΜΠΡΑΤΣΑΣ ΓΕΩΡΓΙΟΣ ΑΘΑΝΑΣΙΟ	ΤΟΥΜΠΑΣ
ΟΙΚΟΝΟΜΟΥ ΑΣΤΕΡ ΠΕΤ	ΤΟΥΜΠΑΣ
ΠΑΛΑΜΟΥΤΣΟΓΛΟΥ ΗΛΙΑΣ ΘΩΜ	ΤΟΥΜΠΑΣ
ΕΛΕΥΘΕΡΙΟΥ ΚΩΝΣΤ ΕΛΕΥΘΕΡΙΟΣ	Ι ΘΕΣΣΑΛΟΝΙΚΗΣ
ΚΑΛΛΙΑΣ ΝΙΚΟΛΑΟΣ ΒΕΝΙΖΕΛΟΣ	Ι ΘΕΣΣΑΛΟΝΙΚΗΣ
ΣΕΜΕΛΙΔΗΣ ΙΩΑΝΝΗΣ ΚΩΝΣΤΑΝΤΙΝΟΣ	Ι ΘΕΣΣΑΛΟΝΙΚΗΣ
ΤΙΚΤΑ ΞΑΝΘΗ ΘΡΑΣΥΒΟΥΛΟΣ	Ι ΘΕΣΣΑΛΟΝΙΚΗΣ
ΖΟΥΜΠΟΥΛΙΔΟΥ ΑΙΜΙΛΙ ΓΕΩΡΓΙΟΣ	Η ΘΕΣΣΑΛΟΝΙΚΗΣ
ΚΑΡΑΒΑΣΙΛΗΣ ΚΩΝΣΤΑΝΤΙΝΟΣ ΔΗΜΗΤΡΙΟΣ	Η ΘΕΣΣΑΛΟΝΙΚΗΣ
ΚΑΤΣΑΡΚΑΣ ΣΤΕΦΑΝΟΣ ΚΩΝΣΤΑΝΤΙΝΟΣ	Η ΘΕΣΣΑΛΟΝΙΚΗΣ
ΚΟΥΚΟΥΛΗΣ ΝΙΚΟΛΑΟΣ ΠΑΣΧΑΛΗΣ	Η ΘΕΣΣΑΛΟΝΙΚΗΣ
ΜΠΙΚΟΣ ΔΗΜΗΤΡΙΟΣ ΧΡΗΣΤΟΣ	Η ΘΕΣΣΑΛΟΝΙΚΗΣ
ΠΑΠΠΑΣ ΔΗΜΗΤΡΙΟΣ ΧΡΗΣΤΟΣ	Η ΘΕΣΣΑΛΟΝΙΚΗΣ
ΣΕΡΕΦΑΣ ΔΗΜΗΤΡΙΟΣ ΑΛΕΞΙΟΣ	Η ΘΕΣΣΑΛΟΝΙΚΗΣ
ΣΠΗΛΙΑΚΟΣ ΠΑΝΑΓ ΔΗΜ	Η ΘΕΣΣΑΛΟΝΙΚΗΣ
ΣΙΝΟΣ ΔΙΟΝΥΣ ΝΙΚΟΛΑΟΣ	Θ ΘΕΣΣΑΛΟΝΙΚΗΣ
ΔΕΜΕΡΤΖΗΣ ΣΑΒΒΑΣ ΔΗΜΗΤΡΙΟΣ	ΑΓΙΟΥ ΑΘΑΝΑΣΙΟΥ
Το 26ο Ειδικό Συνεργείο Ελέγχου
ΤΡΟΜΠΟΥΚΗΣ ΓΕΩΡΓ ΘΕΟΦΑΝΗΣ	ΑΜΦΙΛΟΧΙΑΣ
KURTI VASIL PAVLO	ΜΕΣΟΛΟΓΓΙΟΥ
ΤΣΑΚΜΑΚΗΣ ΓΕΩΡΓΙΟΣ ΧΡΗΣΤΟΣ ΠΑΝΑΓΙΩΤΗΣ	ΜΕΣΟΛΟΓΓΙΟΥ
ΤΣΟΥΜΑΣ ΔΙΟΝΥΣΙΟΣ ΑΝΤΩΝΙΟΣ	ΝΑΥΠΑΚΤΟΥ
ΒΑΖΟΥΚΗΣ ΙΩΑΝΝΗΣ ΓΕΩΡΓΙΟΣ	ΑΓΡΙΝΙΟΥ
ΓΡΑΙΑΣ ΔΗΜΗΤΡ ΒΑΣΙΛΕΙΟΣ	ΑΓΡΙΝΙΟΥ
ΚΟΤΣΑΡΕΛΗΣ ΓΕΩΡΓΙΟΣ ΕΥΘΥΜΙΟΣ	ΑΓΡΙΝΙΟΥ
ΛΙΑΠΗΣ ΕΠΑΜΕΙΝΩΝΔΑΣ ΓΕΩΡΓΙΟΣ	ΑΓΡΙΝΙΟΥ
ΜΟΥΣΤΑΚΟΠΟΥΛΟΣ ΒΑΣΙΛΕΙΟΣ ΙΩΑΝΝΗΣ	ΑΓΡΙΝΙΟΥ
ΝΙΚΟΛΟΠΟΥΛΟΣ ΝΙΚΟΛΑΟΣ ΠΑΥΛΟΣ	ΑΓΡΙΝΙΟΥ
ΓΙΑΝΝΟΠΟΥΛΟΣ ΚΩΝΣΤ ΙΩΑ	ΑΡΓΟΥΣ
ΚΟΥΡΟΣ ΕΥΑΓΓ ΠΑΝΑΓΙΩΤΗΣ	ΑΡΓΟΥΣ
ΤΣΙΤΣΟΣ ΕΥΑΓΓΕΛΟΣ ΠΑΝΑΓΙΩΤΗΣ	ΑΡΓΟΥΣ
ΧΡΙΣΤΑΚΟΣ ΣΤΥΛΙΑΝΟΣ ΑΡΓΥΡΙΟΣ	ΑΡΓΟΥΣ
ΛΑΜΠΙΡΗΣ ΑΝΑΡΓΥΡΟΣ ΓΕΩΡΓΙΟΣ	ΚΡΑΝΙΔΙΟΥ
ΔΕΡΖΕΚΟΣ ΓΕΩΡΓΙΟΣ ΧΡΗΣΤΟΣ	ΝΑΥΠΛΙΟΥ
ΚΑΛΗΜΕΡΗΣ ΑΘΑΝΑΣΙΟΣ ΝΙΚΟΛΑΟΣ	ΝΑΥΠΛΙΟΥ
ΚΑΤΣΙΓΙΑΝΝΗΣ ΔΗΜΗΤΡΙΟΣ ΑΝΔΡΕΑΣ	ΝΑΥΠΛΙΟΥ
ΜΑΓΓΕΛΗΣ ΜΙΧΑΗΛ ΓΕΩΡΓΙΟΣ	ΝΑΥΠΛΙΟΥ
ΣΑΓΚΙΩΤΗΣ ΕΥΑΓΓΕΛΟΣ ΧΡΗΣΤΟΣ	ΝΑΥΠΛΙΟΥ
ΤΟΥΜΠΑΣ ΝΙΚΟΛ ΠΑΝ	ΠΑΡΑΛΙΟΥ ΑΣΤΡΟΥΣ
ΚΑΛΑΠΟΔΑΣ ΔΗΜΗΤΡ ΧΑΡ	ΤΡΙΠΟΛΕΩΣ
ΚΑΡΑΛΗΣ ΘΕΟΔΩΡΟΣ ΙΩΑΝΝΗΣ	ΤΡΙΠΟΛΕΩΣ
ΛΑΓΚΑΣ ΑΘΑΝΑΣ ΠΑΝ/ΤΗΣ	ΤΡΙΠΟΛΕΩΣ
ΜΕΛΛΗΣ ΝΙΚΟΛ ΔΗΜΗΤΡΙΟΣ	ΤΡΙΠΟΛΕΩΣ
ΓΙΑΝΝΑΚΟΠΟΥΛΟΣ ΕΥΑΓΓΕΛΟΣ ΔΗΜΗΤΡΙΟΣ	ΜΕΓΑΛΟΠΟΛΗΣ
ΚΟΥΝΙΝΙΩΤΗΣ ΑΝΔΡ ΠΑΝ	ΑΙΓΙΟΥ
ΒΑΡΒΙΤΣΙΩΤΗΣ ΙΩΑΝΝΗΣ ΘΕΟΔΩΡΟΣ	ΚΑΛΑΒΡΥΤΩΝ
Το 27ο Ειδικό Συνεργείο Ελέγχου
ΑΣΗΜΑΚΟΠΟΥΛΟΣ ΚΩΝΣΤΑΝΤΙΝΟΣ ΣΤΑΥΡΟΣ	Α ΠΑΤΡΩΝ
ΑΣΗΜΑΚΟΠΟΥΛΟΣ ΣΤΑΥΡΟΣ ΚΩΝΣΤΑΝΤΙΝΟΣ	Α ΠΑΤΡΩΝ
ΑΤΑΛΛΑΣ ΑΤΑΛΛΑΣ ΧΑΝΝΑ	Α ΠΑΤΡΩΝ
ΒΑΓΕΝΑΣ ΒΑΣΙΛΕΙΟΣ ΚΟΣΜΑΣ	Α ΠΑΤΡΩΝ
ΔΙΟΝΥΣΟΠΟΥΛΟΣ ΜΙΧΑΗΛ ΔΙΟΝΥΣΙΟΣ	Α ΠΑΤΡΩΝ
ΖΑΧΑΡΑΤΟΣ ΓΡΗΓΟΡΙΟΣ ΑΝΤΩΝΙΟΣ	Α ΠΑΤΡΩΝ
ΚΑΡΒΕΛΑΣ ΓΕΩΡΓΙΟΣ ΧΑΡΑΛΑΜΠ Α	ΠΑΤΡΩΝ
ΚΥΡΙΑΚΟΠΟΥΛΟΣ ΚΩΝΣΤΑΝΤΙΝΟΣ ΓΕΩΡΓΙΟΣ	Α ΠΑΤΡΩΝ
ΜΠΕΗΣ ΝΙΚΟΛΑΟΣ ΑΝΤΩΝΙΟΣ	Α ΠΑΤΡΩΝ
ΝΤΟΥΚΑΣ ΓΕΩΡΓΙΟΣ ΠΑΝΑΓΙΩΤΗΣ	Α ΠΑΤΡΩΝ
ΠΑΠΟΥΛΑΚΟΣ ΑΘΑΝΑΣΙΟΣ ΠΑΝΟΥΖΟΣ	Α ΠΑΤΡΩΝ
ΡΟΓΔΑΚΗΣ ΕΜΜΑΝΟΥΗΛ	Α ΠΑΤΡΩΝ
ΣΕΡΕΤΗΣ ΝΙΚΟΛΑΟΣ ΔΗΜΗΤΡΙΟΣ	Α ΠΑΤΡΩΝ
ΣΙΑΜΑΣ ΠΑΝΑΓΙΩΤΗΣ ΚΩΝΣΤΑΝΤΙΝΟΣ	Α ΠΑΤΡΩΝ
ΣΚΑΝΑΒΗΣ ΠΕΡΙΚΛΗΣ ΓΕΩΡΓΙΟΣ	ΠΑΤΡΩΝ
ΤΖΙΝΗΣ ΔΗΜΗΤΡΙΟΣ ΑΝΤΡΕΑΣ	ΠΑΤΡΩΝ
ΦΙΝΤΡΙΛΗΣ ΔΗΜΗΤΡΙΟΣ ΠΑΝΑΓΙΩΤΗΣ	ΠΑΤΡΩΝ
ΑΘΑΝ
ΑΘΑΝ
ΑΘΗΜ
ΑΣΚΟ
ΓΚΟΤ
ΖΟΥΠ
ΚΑΠΕ
ΚΕΧΑ
ΚΗΠΟ
ΚΥΔΩ
ΛΑΒΟ
ΜΕΛΙ
ΠΑΝΤ
ΦΩΚΑ
Το 28
ΑΘΑΝ
ΓΕΩΡ
ΓΙΑΝ
ΙΩΑΝ
ΛΕΠΙΔ
ΧΡΙΣΤ
ΒΑΡΘ
ΠΕΡΙ
ΑΓΓΕ
ΑΔΑΜ
ΑΣΗΜ
ΓΙΑΝ
ΠΟΤ
ΓΚΕΖΕ
ΓΚΙΝ
ΓΚΛΙΑ
ΔΑΝΕ
ΔΑΣΚ
ΔΑΣΚ
ΚΟΥΤ
ΚΟΥΣ
ΜΕΛΕ
ΠΑΠΑ
ΠΑΝΑ
ΑΘΑΝ
ΠΕΘΑ
ΤΡΙΑΝ
ΛΑΚΑ
ΤΕΡΙΕ
ΚΟΝΤ
ΜΕΝΤ
ΣΤΑΜ
Το 29
ΓΟΜΑ
ΔΗΜΗ
ΖΕΠΠ
ΚΑΝΕ
ΚΑΝΕ
ΒΑΛΤ
ΚΑΝΑ
ΚΛΕΙ
ΚΑΡΑ
ΜΑΡΗ
ΜΕΝΟ
ΠΑΠΑ
ΠΑΠΑ
ΠΑΡΑ
ΠΙΚΟ
ΠΟΔΙ
ΣΚΑΡ
ΤΡΑΝ
ΧΑΤΖ
ΔΕΔΟ
ΠΑΝΑ
ΚΑΡΑ
ΤΣΑΠ
ΚΑΛΑ
ΚΑΛΕ
ΒΑΛΕ
ΔΙΒΑ
ΖΑΠΑ
ΖΗΣΗ
ΚΑΛΟ
ΚΕΚΑ
ΤΖΙΑ
ΜΑΡΚ
ΜΙΚΡ
Το 30
ΔΡΑΚ
ΑΛΑΖ
ΔΗΜ
ΖΙΩΖ
ΚΡΟΚ
ΛΑΤΣ
ΜΠΑ
ΠΑΠΑ
ΡΟΜΠ
ΣΠΑΘ
ΤΣΑΟ
ΤΣΕΚ
ΚΑΛΛ
ΚΟΝΤ
ΤΑΣΙ
ΤΣΑΤ
ΤΣΟΡ
ΑΡΜΑ
ΓΡΕΒ
ΔΕΛΗ
ΚΑΡΑ
ΚΑΡΡ
ΚΑΤΣ
ΚΟΥΤ
ΛΙΑΓ
ΜΑΤΙ
ΜΠΑ
ΜΥΡΙ
ΝΙΚΟ
ΠΑΠΑ
